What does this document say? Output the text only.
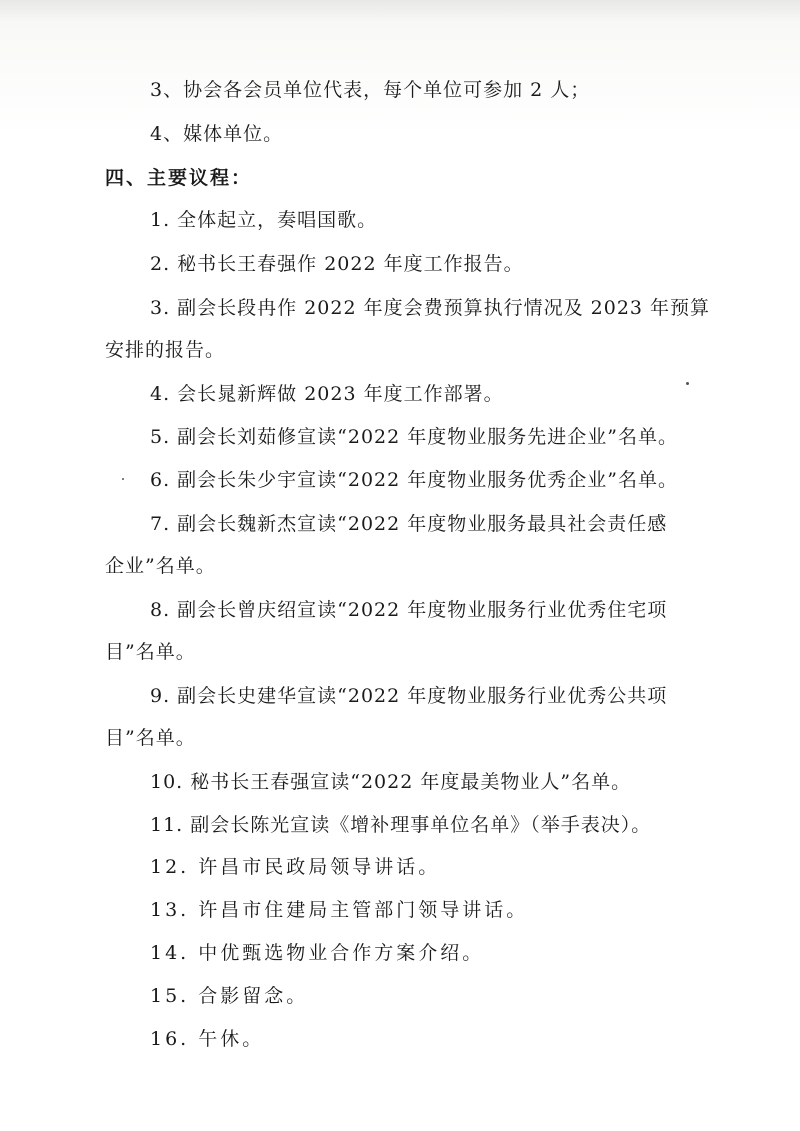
3、协会各会员单位代表，每个单位可参加 2 人；
4、媒体单位。
四、主要议程：
1. 全体起立，奏唱国歌。
2. 秘书长王春强作 2022 年度工作报告。
3. 副会长段冉作 2022 年度会费预算执行情况及 2023 年预算
安排的报告。
4. 会长晁新辉做 2023 年度工作部署。
5. 副会长刘茹修宣读“2022 年度物业服务先进企业”名单。
6. 副会长朱少宇宣读“2022 年度物业服务优秀企业”名单。
7. 副会长魏新杰宣读“2022 年度物业服务最具社会责任感
企业”名单。
8. 副会长曾庆绍宣读“2022 年度物业服务行业优秀住宅项
目”名单。
9. 副会长史建华宣读“2022 年度物业服务行业优秀公共项
目”名单。
10. 秘书长王春强宣读“2022 年度最美物业人”名单。
11. 副会长陈光宣读《增补理事单位名单》（举手表决）。
12. 许昌市民政局领导讲话。
13. 许昌市住建局主管部门领导讲话。
14. 中优甄选物业合作方案介绍。
15. 合影留念。
16. 午休。
